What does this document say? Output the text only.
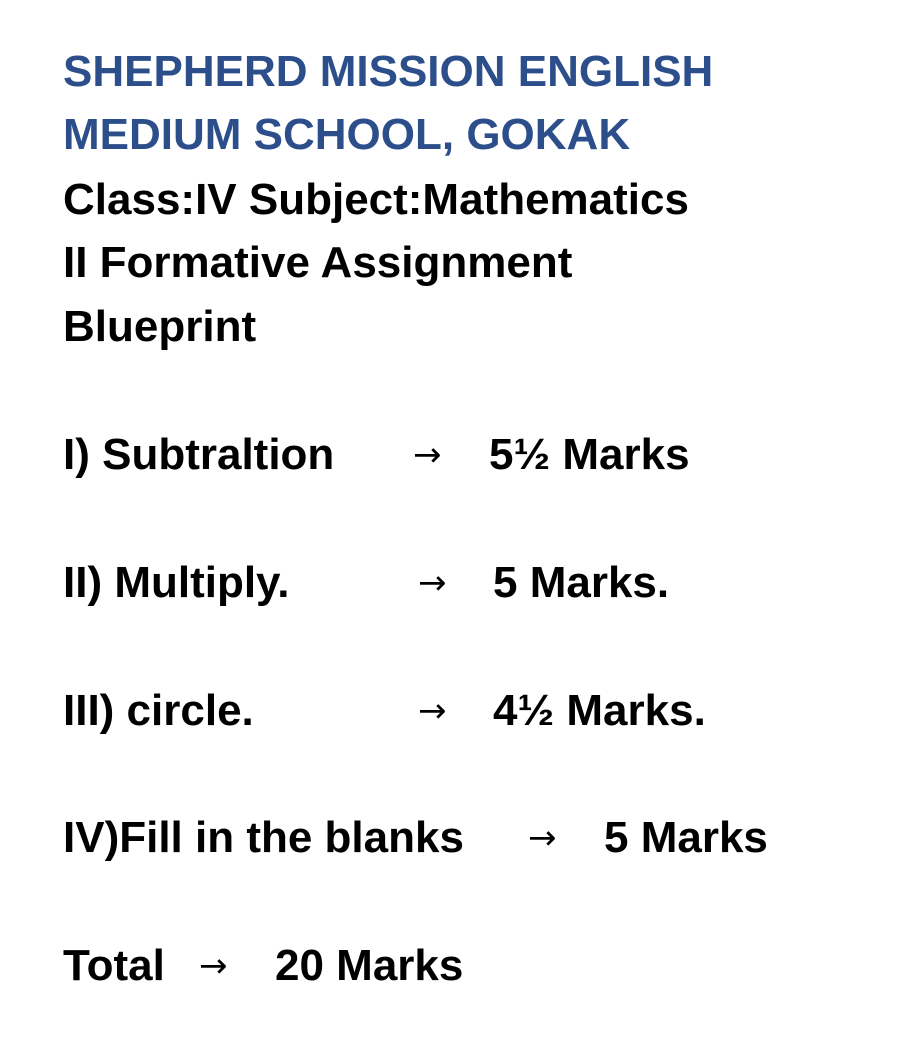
SHEPHERD MISSION ENGLISH
MEDIUM SCHOOL, GOKAK
Class:IV Subject:Mathematics
II Formative Assignment
Blueprint
I) Subtraltion → 5½ Marks
II) Multiply.	→ 5 Marks.
III) circle.	→ 4½ Marks.
IV)Fill in the blanks → 5 Marks
Total → 20 Marks
